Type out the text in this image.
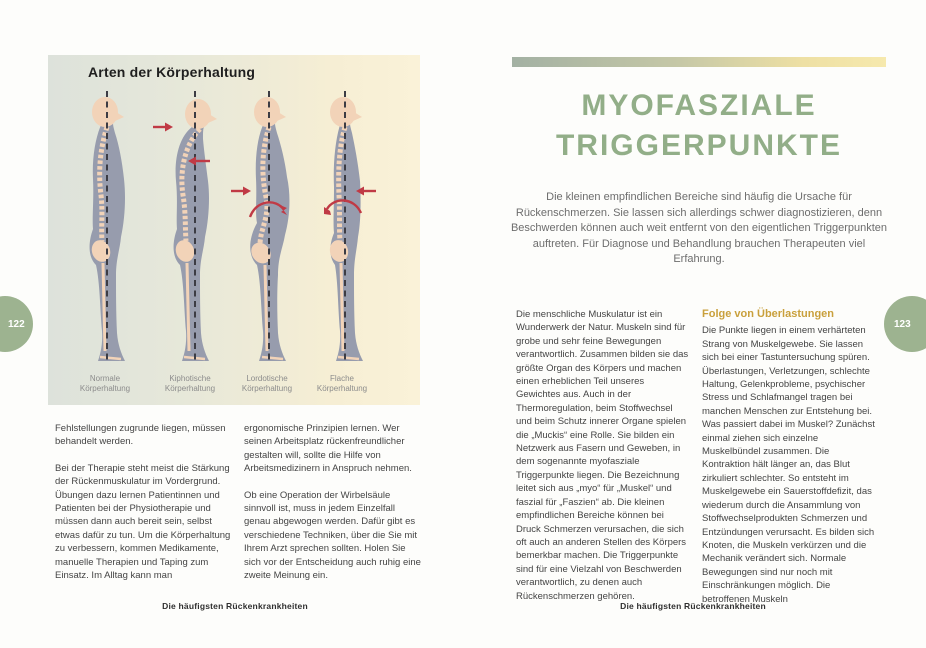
Arten der Körperhaltung
Normale
Körperhaltung
Kiphotische
Körperhaltung
Lordotische
Körperhaltung
Flache
Körperhaltung

Fehlstellungen zugrunde liegen, müssen behandelt werden.

Bei der Therapie steht meist die Stärkung der Rückenmuskulatur im Vordergrund. Übungen dazu lernen Patientinnen und Patienten bei der Physiotherapie und müssen dann auch bereit sein, selbst etwas dafür zu tun. Um die Körperhaltung zu verbessern, kommen Medikamente, manuelle Therapien und Taping zum Einsatz. Im Alltag kann man

ergonomische Prinzipien lernen. Wer seinen Arbeitsplatz rückenfreundlicher gestalten will, sollte die Hilfe von Arbeitsmedizinern in Anspruch nehmen.

Ob eine Operation der Wirbelsäule sinnvoll ist, muss in jedem Einzelfall genau abgewogen werden. Dafür gibt es verschiedene Techniken, über die Sie mit Ihrem Arzt sprechen sollten. Holen Sie sich vor der Entscheidung auch ruhig eine zweite Meinung ein.

Die häufigsten Rückenkrankheiten
122
MYOFASZIALE
TRIGGERPUNKTE

Die kleinen empfindlichen Bereiche sind häufig die Ursache für Rückenschmerzen. Sie lassen sich allerdings schwer diagnostizieren, denn Beschwerden können auch weit entfernt von den eigentlichen Triggerpunkten auftreten. Für Diagnose und Behandlung brauchen Therapeuten viel Erfahrung.

Die menschliche Muskulatur ist ein Wunderwerk der Natur. Muskeln sind für grobe und sehr feine Bewegungen verantwortlich. Zusammen bilden sie das größte Organ des Körpers und machen einen erheblichen Teil unseres Gewichtes aus. Auch in der Thermoregulation, beim Stoffwechsel und beim Schutz innerer Organe spielen die „Muckis“ eine Rolle. Sie bilden ein Netzwerk aus Fasern und Geweben, in dem sogenannte myofasziale Triggerpunkte liegen. Die Bezeichnung leitet sich aus „myo“ für „Muskel“ und faszial für „Faszien“ ab. Die kleinen empfindlichen Bereiche können bei Druck Schmerzen verursachen, die sich oft auch an anderen Stellen des Körpers bemerkbar machen. Die Triggerpunkte sind für eine Vielzahl von Beschwerden verantwortlich, zu denen auch Rückenschmerzen gehören.

Folge von Überlastungen

Die Punkte liegen in einem verhärteten Strang von Muskelgewebe. Sie lassen sich bei einer Tastuntersuchung spüren. Überlastungen, Verletzungen, schlechte Haltung, Gelenkprobleme, psychischer Stress und Schlafmangel tragen bei manchen Menschen zur Entstehung bei. Was passiert dabei im Muskel? Zunächst einmal ziehen sich einzelne Muskelbündel zusammen. Die Kontraktion hält länger an, das Blut zirkuliert schlechter. So entsteht im Muskelgewebe ein Sauerstoffdefizit, das wiederum durch die Ansammlung von Stoffwechselprodukten Schmerzen und Entzündungen verursacht. Es bilden sich Knoten, die Muskeln verkürzen und die Mechanik verändert sich. Normale Bewegungen sind nur noch mit Einschränkungen möglich. Die betroffenen Muskeln

Die häufigsten Rückenkrankheiten
123
